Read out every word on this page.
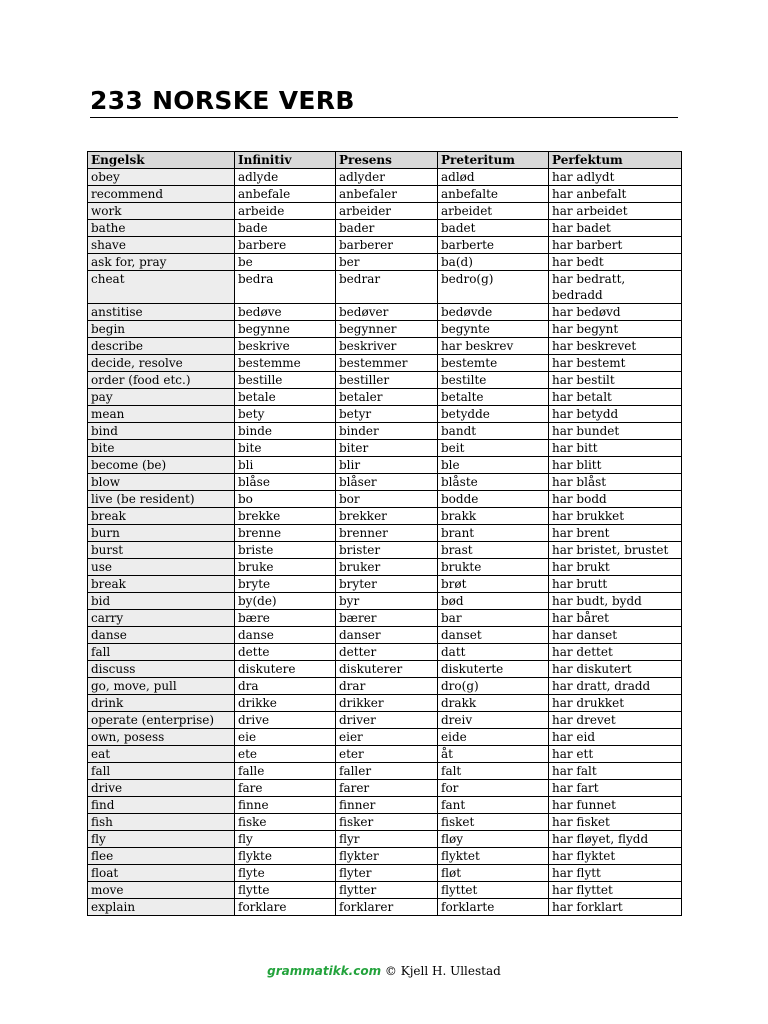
233 NORSKE VERB
Engelsk	Infinitiv	Presens	Preteritum	Perfektum
obey	adlyde	adlyder	adlød	har adlydt
recommend	anbefale	anbefaler	anbefalte	har anbefalt
work	arbeide	arbeider	arbeidet	har arbeidet
bathe	bade	bader	badet	har badet
shave	barbere	barberer	barberte	har barbert
ask for, pray	be	ber	ba(d)	har bedt
cheat	bedra	bedrar	bedro(g)	har bedratt, bedradd
anstitise	bedøve	bedøver	bedøvde	har bedøvd
begin	begynne	begynner	begynte	har begynt
describe	beskrive	beskriver	har beskrev	har beskrevet
decide, resolve	bestemme	bestemmer	bestemte	har bestemt
order (food etc.)	bestille	bestiller	bestilte	har bestilt
pay	betale	betaler	betalte	har betalt
mean	bety	betyr	betydde	har betydd
bind	binde	binder	bandt	har bundet
bite	bite	biter	beit	har bitt
become (be)	bli	blir	ble	har blitt
blow	blåse	blåser	blåste	har blåst
live (be resident)	bo	bor	bodde	har bodd
break	brekke	brekker	brakk	har brukket
burn	brenne	brenner	brant	har brent
burst	briste	brister	brast	har bristet, brustet
use	bruke	bruker	brukte	har brukt
break	bryte	bryter	brøt	har brutt
bid	by(de)	byr	bød	har budt, bydd
carry	bære	bærer	bar	har båret
danse	danse	danser	danset	har danset
fall	dette	detter	datt	har dettet
discuss	diskutere	diskuterer	diskuterte	har diskutert
go, move, pull	dra	drar	dro(g)	har dratt, dradd
drink	drikke	drikker	drakk	har drukket
operate (enterprise)	drive	driver	dreiv	har drevet
own, posess	eie	eier	eide	har eid
eat	ete	eter	åt	har ett
fall	falle	faller	falt	har falt
drive	fare	farer	for	har fart
find	finne	finner	fant	har funnet
fish	fiske	fisker	fisket	har fisket
fly	fly	flyr	fløy	har fløyet, flydd
flee	flykte	flykter	flyktet	har flyktet
float	flyte	flyter	fløt	har flytt
move	flytte	flytter	flyttet	har flyttet
explain	forklare	forklarer	forklarte	har forklart
grammatikk.com © Kjell H. Ullestad
